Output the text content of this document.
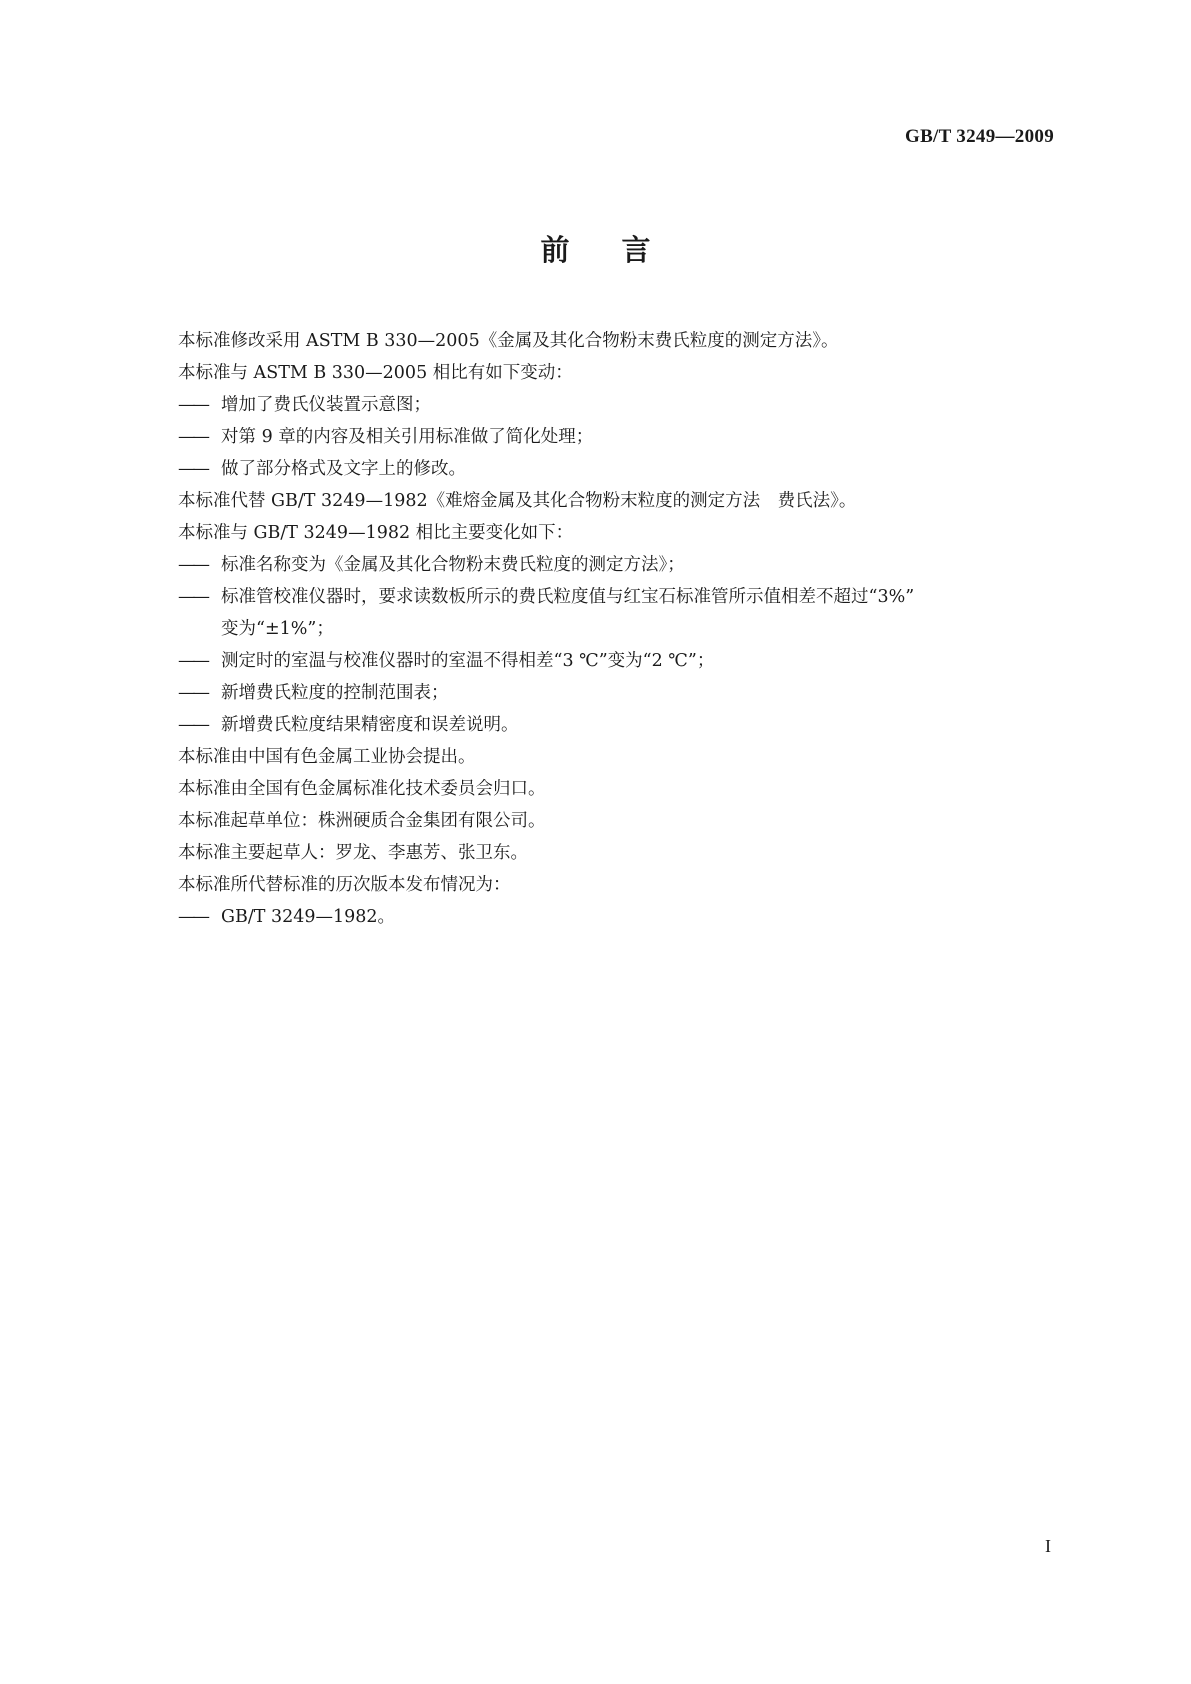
GB/T 3249—2009
前言
本标准修改采用 ASTM B 330—2005《金属及其化合物粉末费氏粒度的测定方法》。
本标准与 ASTM B 330—2005 相比有如下变动：
—— 增加了费氏仪装置示意图；
—— 对第 9 章的内容及相关引用标准做了简化处理；
—— 做了部分格式及文字上的修改。
本标准代替 GB/T 3249—1982《难熔金属及其化合物粉末粒度的测定方法　费氏法》。
本标准与 GB/T 3249—1982 相比主要变化如下：
—— 标准名称变为《金属及其化合物粉末费氏粒度的测定方法》；
—— 标准管校准仪器时，要求读数板所示的费氏粒度值与红宝石标准管所示值相差不超过“3%”
变为“±1%”；
—— 测定时的室温与校准仪器时的室温不得相差“3 ℃”变为“2 ℃”；
—— 新增费氏粒度的控制范围表；
—— 新增费氏粒度结果精密度和误差说明。
本标准由中国有色金属工业协会提出。
本标准由全国有色金属标准化技术委员会归口。
本标准起草单位：株洲硬质合金集团有限公司。
本标准主要起草人：罗龙、李惠芳、张卫东。
本标准所代替标准的历次版本发布情况为：
—— GB/T 3249—1982。
I
